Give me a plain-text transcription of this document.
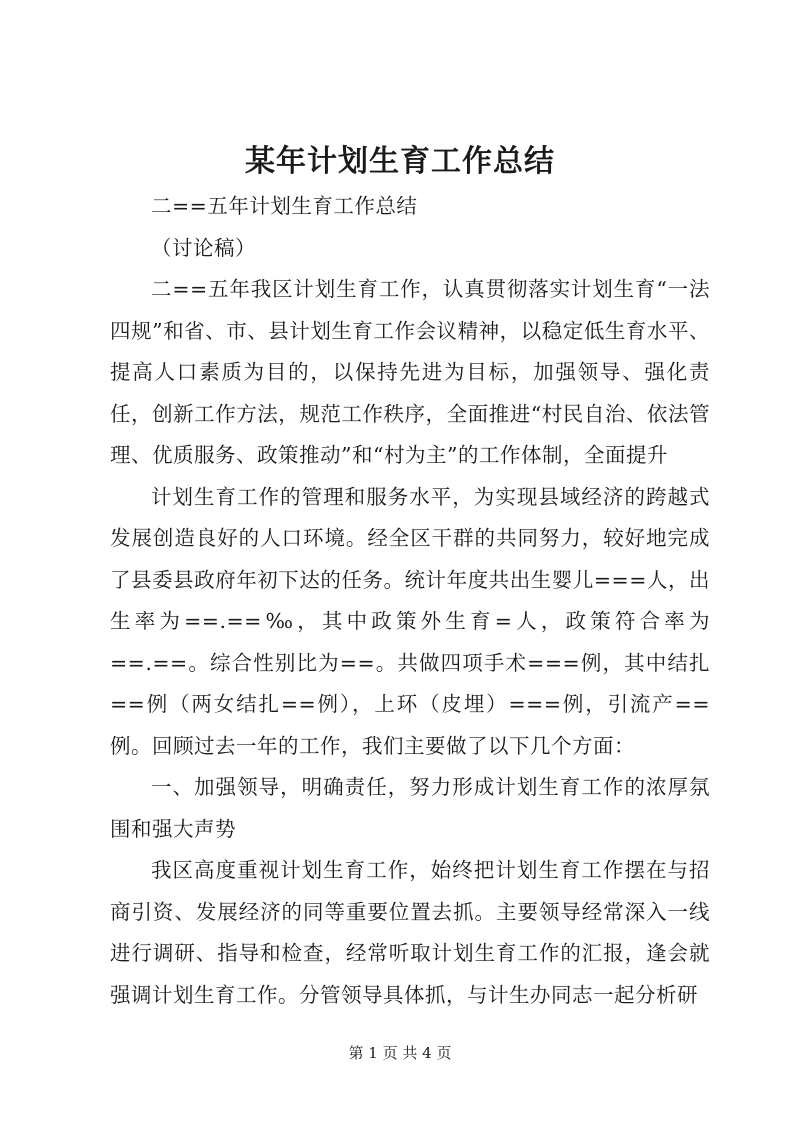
某年计划生育工作总结

二==五年计划生育工作总结

（讨论稿）

二==五年我区计划生育工作，认真贯彻落实计划生育“一法四规”和省、市、县计划生育工作会议精神，以稳定低生育水平、提高人口素质为目的，以保持先进为目标，加强领导、强化责任，创新工作方法，规范工作秩序，全面推进“村民自治、依法管理、优质服务、政策推动”和“村为主”的工作体制，全面提升

计划生育工作的管理和服务水平，为实现县域经济的跨越式发展创造良好的人口环境。经全区干群的共同努力，较好地完成了县委县政府年初下达的任务。统计年度共出生婴儿===人，出生率为==.==‰，其中政策外生育=人，政策符合率为==.==。综合性别比为==。共做四项手术===例，其中结扎==例（两女结扎==例），上环（皮埋）===例，引流产==例。回顾过去一年的工作，我们主要做了以下几个方面：

一、加强领导，明确责任，努力形成计划生育工作的浓厚氛围和强大声势

我区高度重视计划生育工作，始终把计划生育工作摆在与招商引资、发展经济的同等重要位置去抓。主要领导经常深入一线进行调研、指导和检查，经常听取计划生育工作的汇报，逢会就强调计划生育工作。分管领导具体抓，与计生办同志一起分析研

第 1 页 共 4 页
